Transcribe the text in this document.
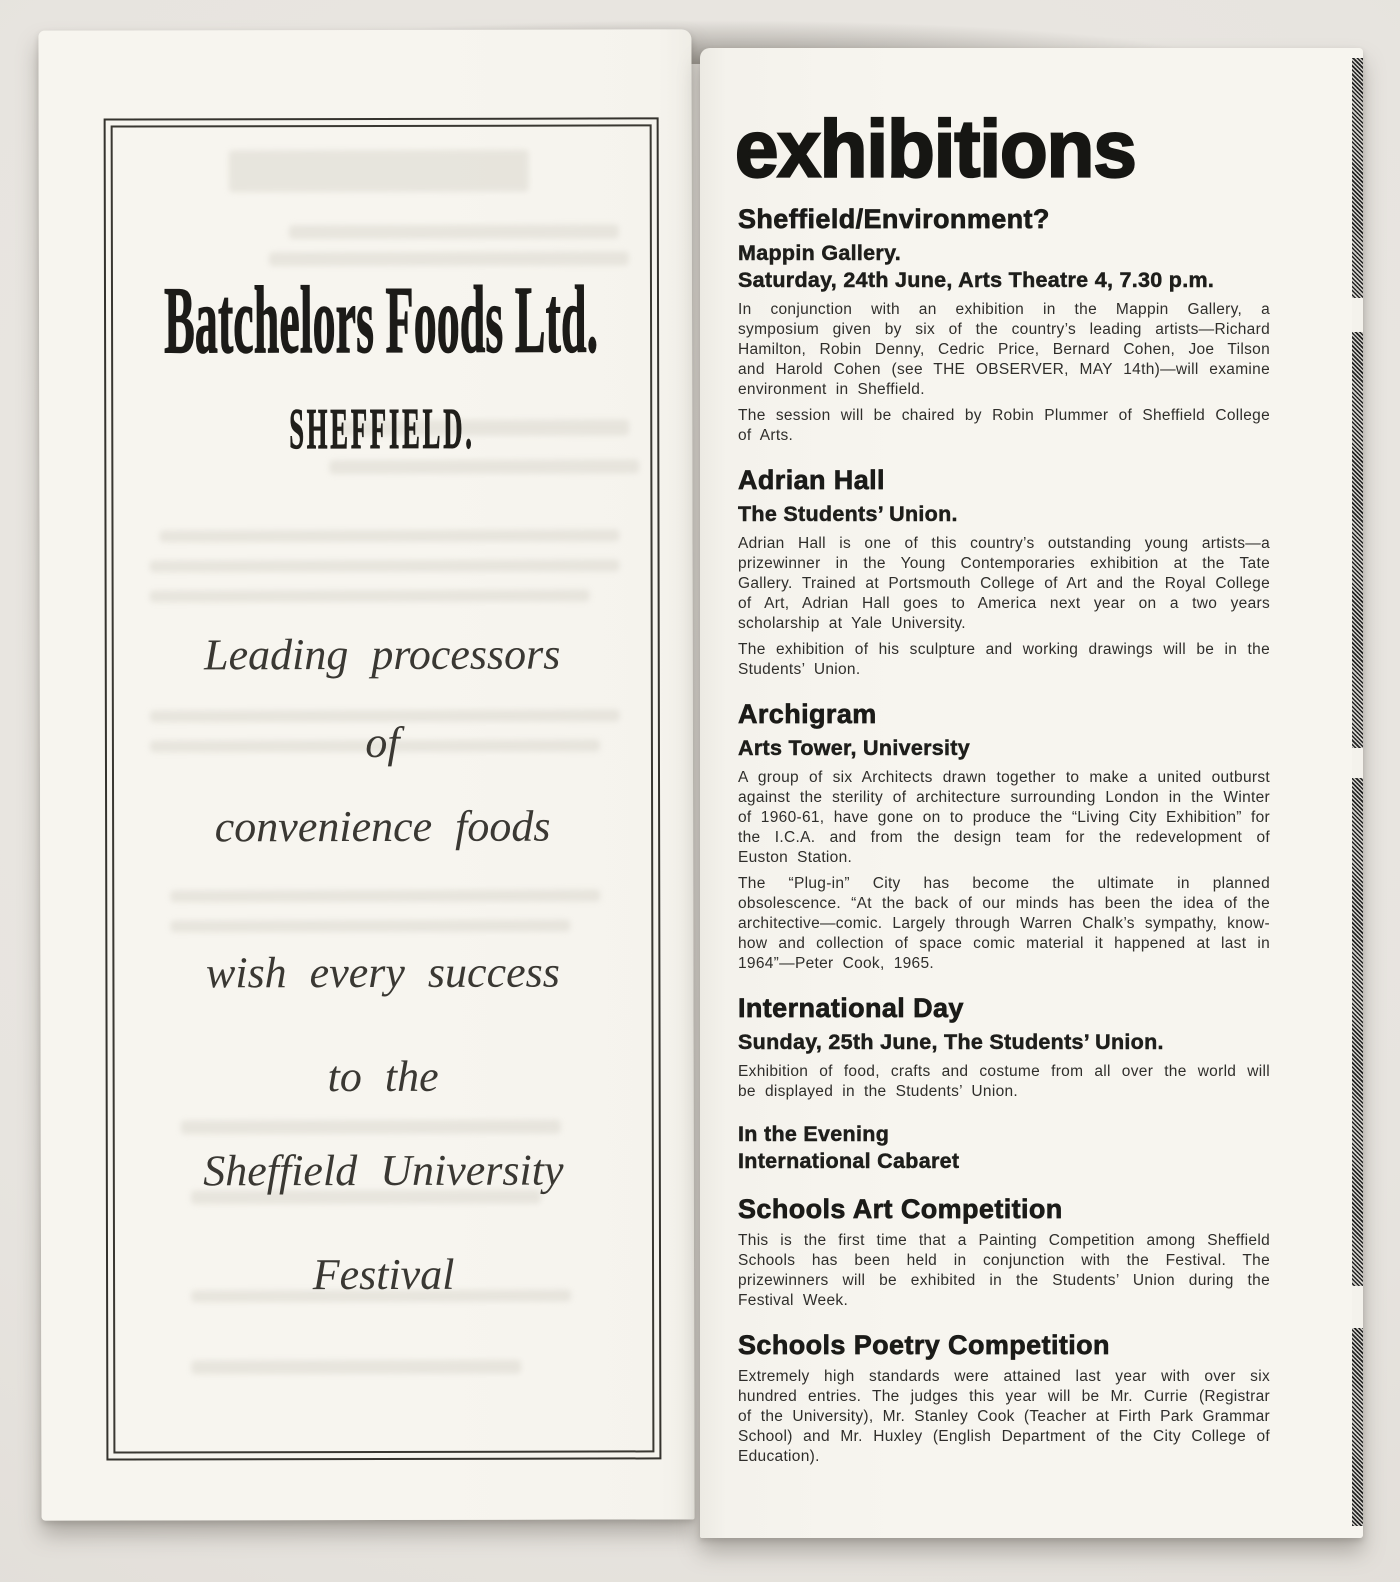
Batchelors Foods Ltd.
SHEFFIELD.
Leading processors
of
convenience foods
wish every success
to the
Sheffield University
Festival
exhibitions
Sheffield/Environment?
Mappin Gallery.
Saturday, 24th June, Arts Theatre 4, 7.30 p.m.

In conjunction with an exhibition in the Mappin Gallery, a symposium given by six of the country’s leading artists—Richard Hamilton, Robin Denny, Cedric Price, Bernard Cohen, Joe Tilson and Harold Cohen (see THE OBSERVER, MAY 14th)—will examine environment in Sheffield.

The session will be chaired by Robin Plummer of Sheffield College of Arts.

Adrian Hall
The Students’ Union.

Adrian Hall is one of this country’s outstanding young artists—a prizewinner in the Young Contemporaries exhibition at the Tate Gallery. Trained at Portsmouth College of Art and the Royal College of Art, Adrian Hall goes to America next year on a two years scholarship at Yale University.

The exhibition of his sculpture and working drawings will be in the Students’ Union.

Archigram
Arts Tower, University

A group of six Architects drawn together to make a united outburst against the sterility of architecture surrounding London in the Winter of 1960-61, have gone on to produce the “Living City Exhibition” for the I.C.A. and from the design team for the redevelopment of Euston Station.

The “Plug-in” City has become the ultimate in planned obsolescence. “At the back of our minds has been the idea of the architective—comic. Largely through Warren Chalk’s sympathy, know-how and collection of space comic material it happened at last in 1964”—Peter Cook, 1965.

International Day
Sunday, 25th June, The Students’ Union.

Exhibition of food, crafts and costume from all over the world will be displayed in the Students’ Union.

In the Evening
International Cabaret
Schools Art Competition

This is the first time that a Painting Competition among Sheffield Schools has been held in conjunction with the Festival. The prizewinners will be exhibited in the Students’ Union during the Festival Week.

Schools Poetry Competition

Extremely high standards were attained last year with over six hundred entries. The judges this year will be Mr. Currie (Registrar of the University), Mr. Stanley Cook (Teacher at Firth Park Grammar School) and Mr. Huxley (English Department of the City College of Education).
